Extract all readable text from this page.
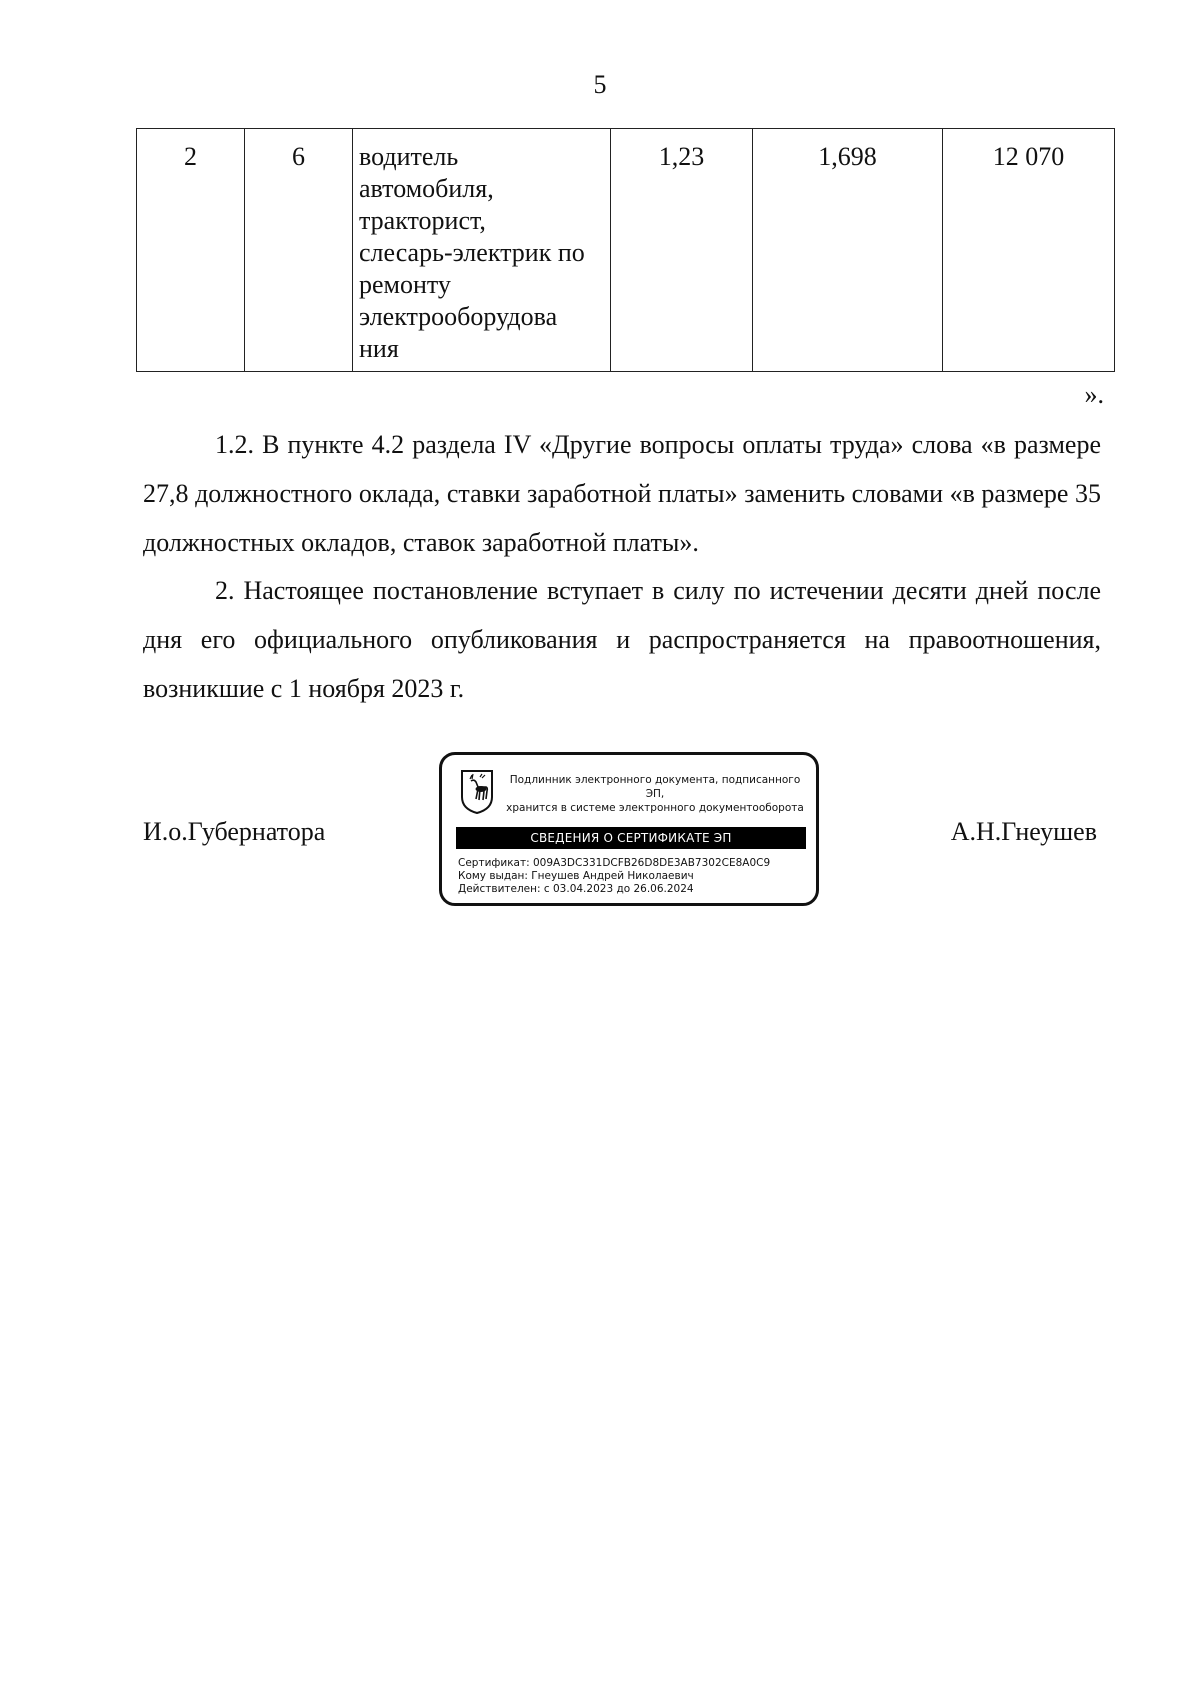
5
2	6	водитель
автомобиля,
тракторист,
слесарь-электрик по
ремонту
электрооборудова
ния	1,23	1,698	12 070
».

1.2. В пункте 4.2 раздела IV «Другие вопросы оплаты труда» слова «в размере 27,8 должностного оклада, ставки заработной платы» заменить словами «в размере 35 должностных окладов, ставок заработной платы».

2. Настоящее постановление вступает в силу по истечении десяти дней после дня его официального опубликования и распространяется на правоотношения, возникшие с 1 ноября 2023 г.

И.о.Губернатора	А.Н.Гнеушев
Подлинник электронного документа, подписанного ЭП,
хранится в системе электронного документооборота
СВЕДЕНИЯ О СЕРТИФИКАТЕ ЭП
Сертификат: 009A3DC331DCFB26D8DE3AB7302CE8A0C9
Кому выдан: Гнеушев Андрей Николаевич
Действителен: с 03.04.2023 до 26.06.2024
